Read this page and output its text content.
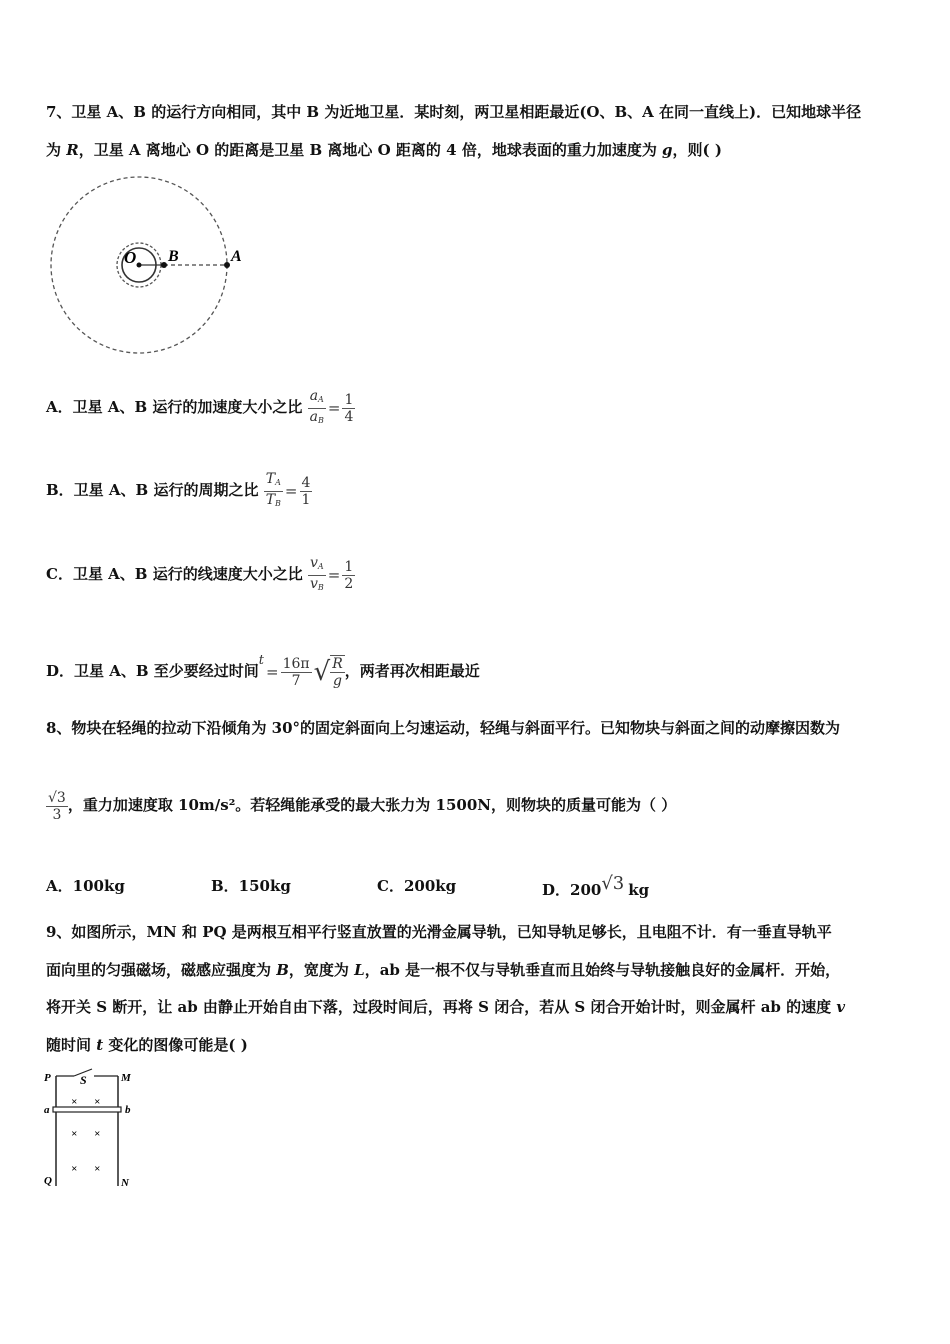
7、卫星 A、B 的运行方向相同，其中 B 为近地卫星．某时刻，两卫星相距最近(O、B、A 在同一直线上)．已知地球半径
为 R，卫星 A 离地心 O 的距离是卫星 B 离地心 O 距离的 4 倍，地球表面的重力加速度为 g，则( )
O B	A
A．卫星 A、B 运行的加速度大小之比 $\frac{a_A}{a_B} = \frac{1}{4}$
B．卫星 A、B 运行的周期之比 $\frac{T_A}{T_B} = \frac{4}{1}$
C．卫星 A、B 运行的线速度大小之比 $\frac{v_A}{v_B} = \frac{1}{2}$
D．卫星 A、B 至少要经过时间$t= \frac{16\pi}{7}$ √ $\frac{R}{g}$ ，两者再次相距最近
8、物块在轻绳的拉动下沿倾角为 30°的固定斜面向上匀速运动，轻绳与斜面平行。已知物块与斜面之间的动摩擦因数为
$\frac{√3}{3}$ ，重力加速度取 10m/s²。若轻绳能承受的最大张力为 1500N，则物块的质量可能为（ ）
A．100kg	B．150kg	C．200kg	D．200√3 kg
9、如图所示，MN 和 PQ 是两根互相平行竖直放置的光滑金属导轨，已知导轨足够长，且电阻不计．有一垂直导轨平
面向里的匀强磁场，磁感应强度为 B，宽度为 L，ab 是一根不仅与导轨垂直而且始终与导轨接触良好的金属杆．开始，
将开关 S 断开，让 ab 由静止开始自由下落，过段时间后，再将 S 闭合，若从 S 闭合开始计时，则金属杆 ab 的速度 v
随时间 t 变化的图像可能是( )
S
P	M
a	b
Q	N
× ×
× ×
× ×
